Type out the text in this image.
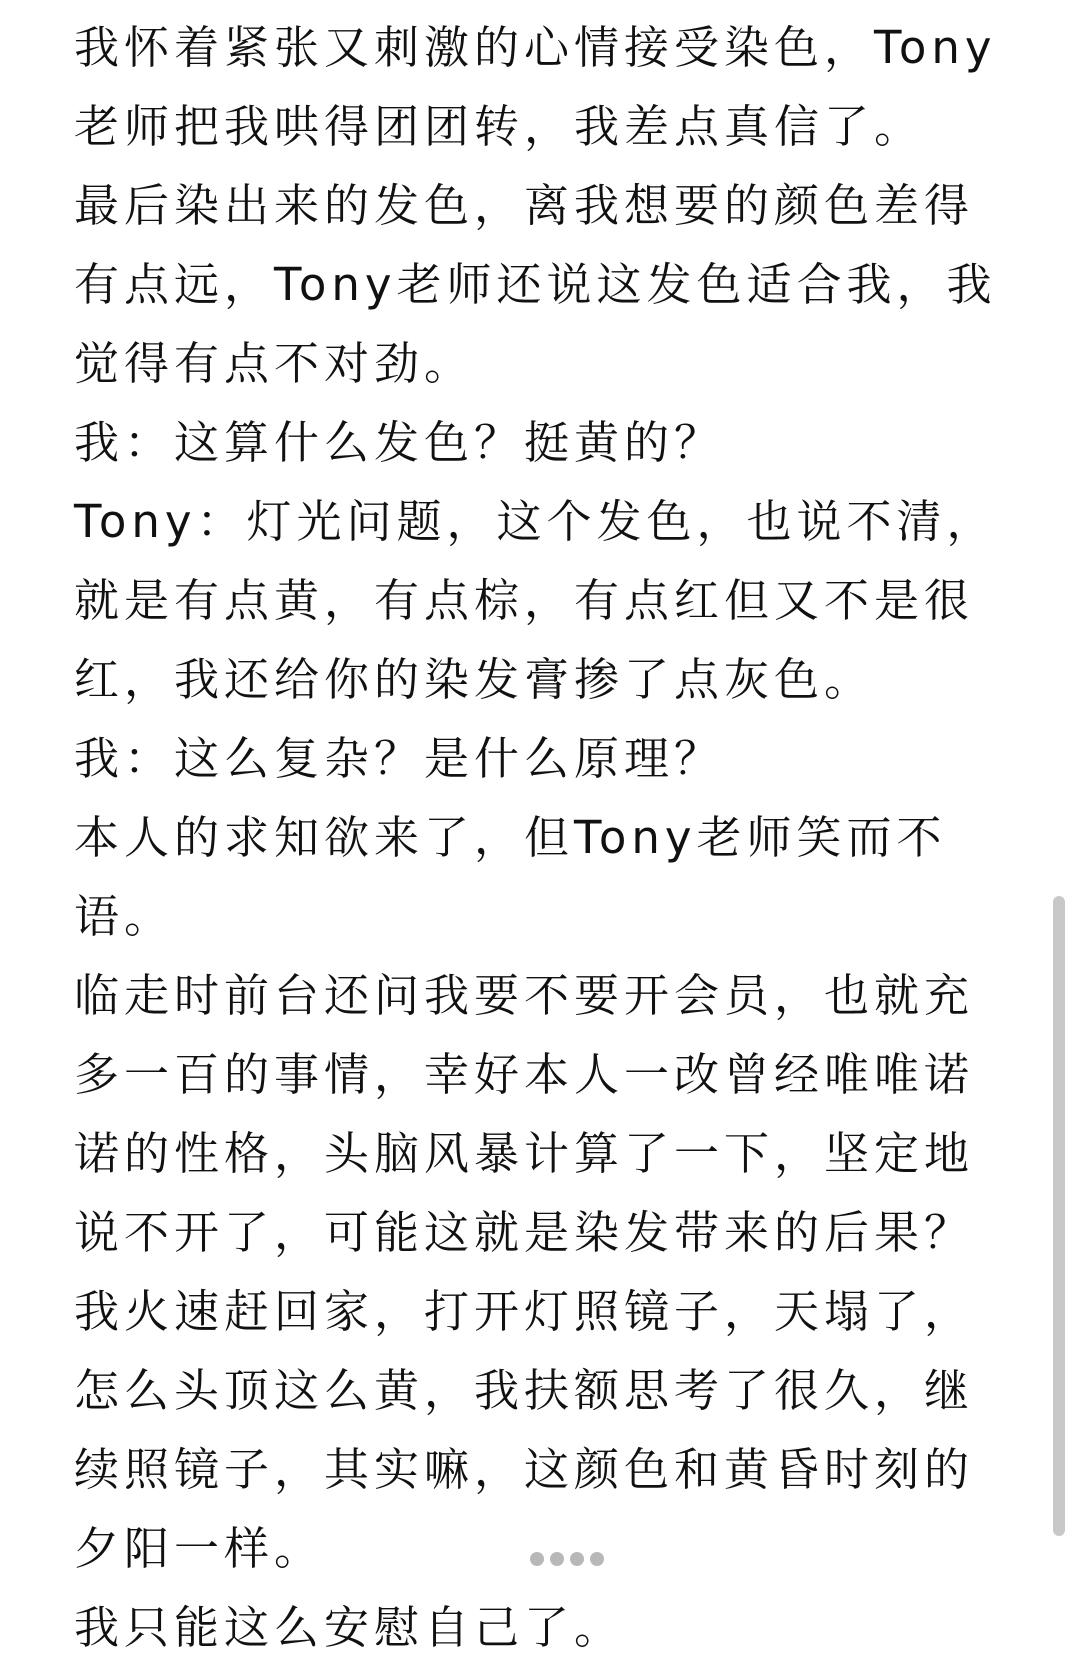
我怀着紧张又刺激的心情接受染色，Tony老师把我哄得团团转，我差点真信了。

最后染出来的发色，离我想要的颜色差得有点远，Tony老师还说这发色适合我，我觉得有点不对劲。

我：这算什么发色？挺黄的？

Tony：灯光问题，这个发色，也说不清，就是有点黄，有点棕，有点红但又不是很红，我还给你的染发膏掺了点灰色。

我：这么复杂？是什么原理？

本人的求知欲来了，但Tony老师笑而不语。

临走时前台还问我要不要开会员，也就充多一百的事情，幸好本人一改曾经唯唯诺诺的性格，头脑风暴计算了一下，坚定地说不开了，可能这就是染发带来的后果？

我火速赶回家，打开灯照镜子，天塌了，怎么头顶这么黄，我扶额思考了很久，继续照镜子，其实嘛，这颜色和黄昏时刻的夕阳一样。

我只能这么安慰自己了。
